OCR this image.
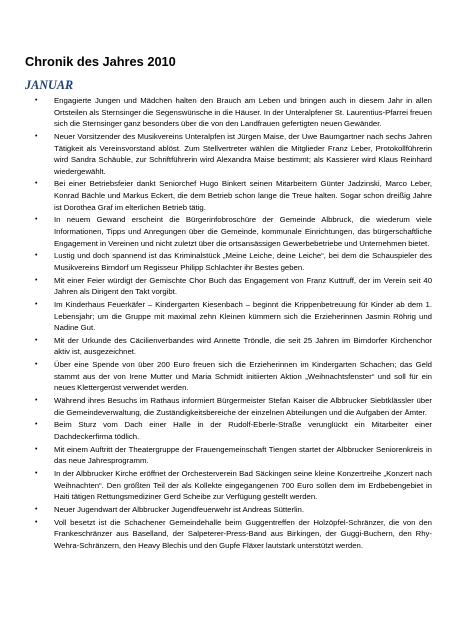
Chronik des Jahres 2010
JANUAR
•	Engagierte Jungen und Mädchen halten den Brauch am Leben und bringen auch in diesem Jahr in allen Ortsteilen als Sternsinger die Segenswünsche in die Häuser. In der Unteralpfener St. Laurentius-Pfarrei freuen sich die Sternsinger ganz besonders über die von den Landfrauen gefertigten neuen Gewänder.
•	Neuer Vorsitzender des Musikvereins Unteralpfen ist Jürgen Maise, der Uwe Baumgartner nach sechs Jahren Tätigkeit als Vereinsvorstand ablöst. Zum Stellvertreter wählen die Mitglieder Franz Leber, Protokollführerin wird Sandra Schäuble, zur Schriftführerin wird Alexandra Maise bestimmt; als Kassierer wird Klaus Reinhard wiedergewählt.
•	Bei einer Betriebsfeier dankt Seniorchef Hugo Binkert seinen Mitarbeitern Günter Jadzinski, Marco Leber, Konrad Bächle und Markus Eckert, die dem Betrieb schon lange die Treue halten. Sogar schon dreißig Jahre ist Dorothea Graf im elterlichen Betrieb tätig.
•	In neuem Gewand erscheint die Bürgerinfobroschüre der Gemeinde Albbruck, die wiederum viele Informationen, Tipps und Anregungen über die Gemeinde, kommunale Einrichtungen, das bürgerschaftliche Engagement in Vereinen und nicht zuletzt über die ortsansässigen Gewerbebetriebe und Unternehmen bietet.
•	Lustig und doch spannend ist das Kriminalstück „Meine Leiche, deine Leiche“, bei dem die Schauspieler des Musikvereins Birndorf um Regisseur Philipp Schlachter ihr Bestes geben.
•	Mit einer Feier würdigt der Gemischte Chor Buch das Engagement von Franz Kuttruff, der im Verein seit 40 Jahren als Dirigent den Takt vorgibt.
•	Im Kinderhaus Feuerkäfer – Kindergarten Kiesenbach – beginnt die Krippenbetreuung für Kinder ab dem 1. Lebensjahr; um die Gruppe mit maximal zehn Kleinen kümmern sich die Erzieherinnen Jasmin Röhrig und Nadine Gut.
•	Mit der Urkunde des Cäcilienverbandes wird Annette Tröndle, die seit 25 Jahren im Birndorfer Kirchenchor aktiv ist, ausgezeichnet.
•	Über eine Spende von über 200 Euro freuen sich die Erzieherinnen im Kindergarten Schachen; das Geld stammt aus der von Irene Mutter und Maria Schmidt initiierten Aktion „Weihnachtsfenster“ und soll für ein neues Klettergerüst verwendet werden.
•	Während ihres Besuchs im Rathaus informiert Bürgermeister Stefan Kaiser die Albbrucker Siebtklässler über die Gemeindeverwaltung, die Zuständigkeitsbereiche der einzelnen Abteilungen und die Aufgaben der Ämter.
•	Beim Sturz vom Dach einer Halle in der Rudolf-Eberle-Straße verunglückt ein Mitarbeiter einer Dachdeckerfirma tödlich.
•	Mit einem Auftritt der Theatergruppe der Frauengemeinschaft Tiengen startet der Albbrucker Seniorenkreis in das neue Jahresprogramm.
•	In der Albbrucker Kirche eröffnet der Orchesterverein Bad Säckingen seine kleine Konzertreihe „Konzert nach Weihnachten“. Den größten Teil der als Kollekte eingegangenen 700 Euro sollen dem im Erdbebengebiet in Haiti tätigen Rettungsmediziner Gerd Scheibe zur Verfügung gestellt werden.
•	Neuer Jugendwart der Albbrucker Jugendfeuerwehr ist Andreas Sütterlin.
•	Voll besetzt ist die Schachener Gemeindehalle beim Guggentreffen der Holzöpfel-Schränzer, die von den Frankeschränzer aus Baselland, der Salpeterer-Press-Band aus Birkingen, der Guggi-Buchern, den Rhy-Wehra-Schränzern, den Heavy Blechis und den Gupfe Fläxer lautstark unterstützt werden.
